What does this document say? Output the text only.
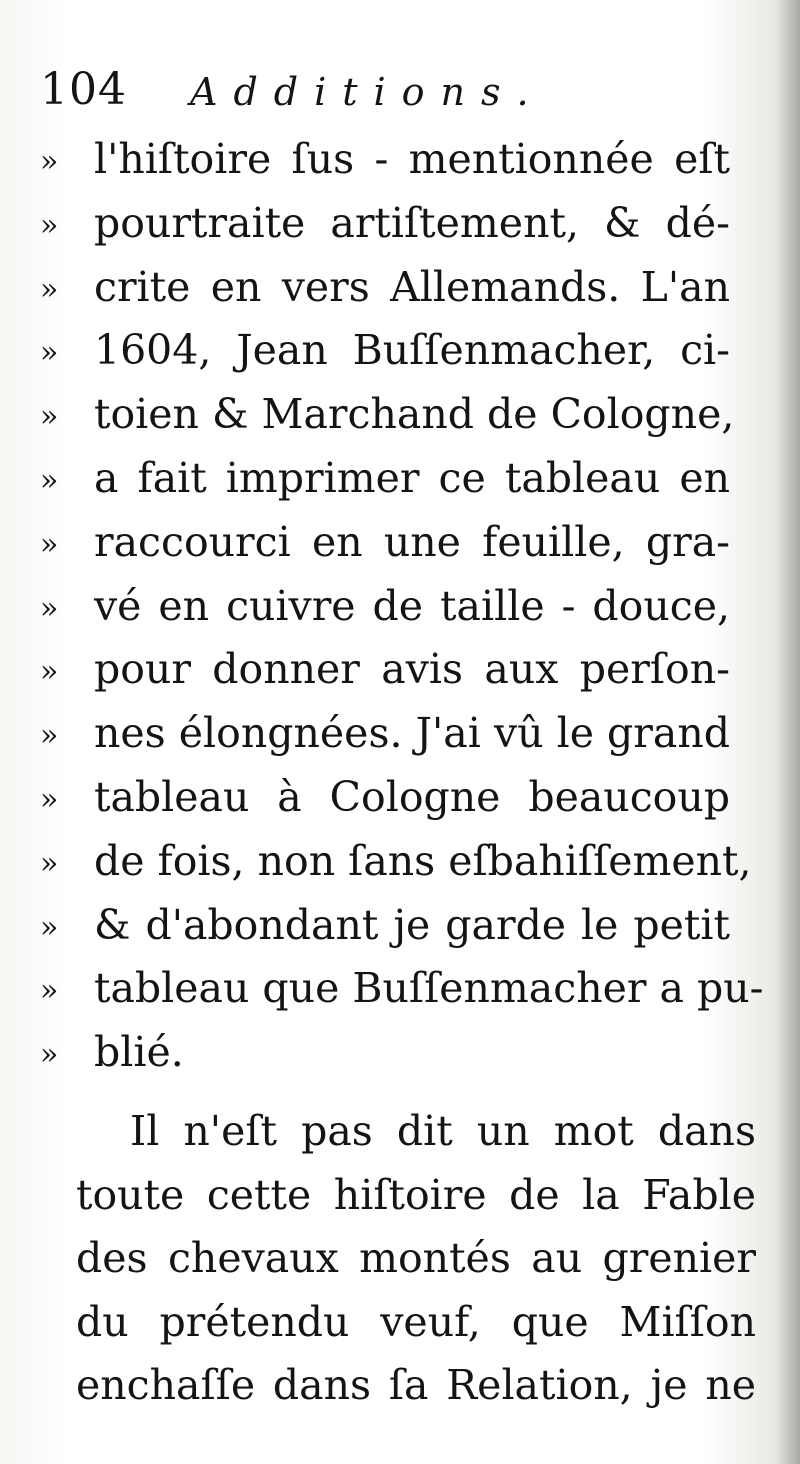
104 Additions.
» l'hiſtoire ſus - mentionnée eſt
» pourtraite artiſtement, & dé-
» crite en vers Allemands. L'an
» 1604, Jean Buſſenmacher, ci-
» toien & Marchand de Cologne,
» a fait imprimer ce tableau en
» raccourci en une feuille, gra-
» vé en cuivre de taille - douce,
» pour donner avis aux perſon-
» nes élongnées. J'ai vû le grand
» tableau à Cologne beaucoup
» de fois, non ſans eſbahiſſement,
» & d'abondant je garde le petit
» tableau que Buſſenmacher a pu-
» blié.
Il n'eſt pas dit un mot dans
toute cette hiſtoire de la Fable
des chevaux montés au grenier
du prétendu veuf, que Miſſon
enchaſſe dans ſa Relation, je ne
